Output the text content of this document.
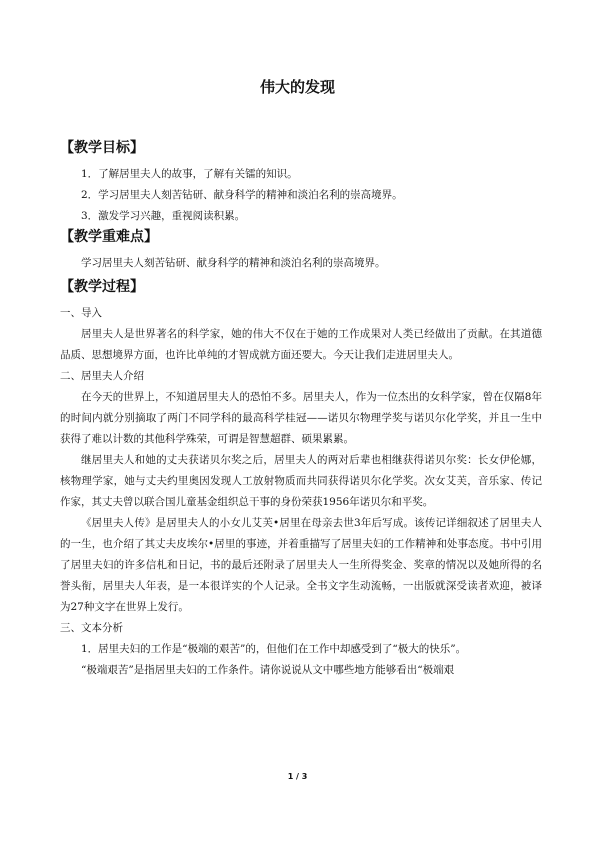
伟大的发现

【教学目标】

1．了解居里夫人的故事，了解有关镭的知识。

2．学习居里夫人刻苦钻研、献身科学的精神和淡泊名利的崇高境界。

3．激发学习兴趣，重视阅读积累。

【教学重难点】

学习居里夫人刻苦钻研、献身科学的精神和淡泊名利的崇高境界。

【教学过程】

一、导入

居里夫人是世界著名的科学家，她的伟大不仅在于她的工作成果对人类已经做出了贡献。在其道德品质、思想境界方面，也许比单纯的才智成就方面还要大。今天让我们走进居里夫人。

二、居里夫人介绍

在今天的世界上，不知道居里夫人的恐怕不多。居里夫人，作为一位杰出的女科学家，曾在仅隔8年的时间内就分别摘取了两门不同学科的最高科学桂冠——诺贝尔物理学奖与诺贝尔化学奖，并且一生中获得了难以计数的其他科学殊荣，可谓是智慧超群、硕果累累。

继居里夫人和她的丈夫获诺贝尔奖之后，居里夫人的两对后辈也相继获得诺贝尔奖：长女伊伦娜，核物理学家，她与丈夫约里奥因发现人工放射物质而共同获得诺贝尔化学奖。次女艾芙，音乐家、传记作家，其丈夫曾以联合国儿童基金组织总干事的身份荣获1956年诺贝尔和平奖。

《居里夫人传》是居里夫人的小女儿艾芙•居里在母亲去世3年后写成。该传记详细叙述了居里夫人的一生，也介绍了其丈夫皮埃尔•居里的事迹，并着重描写了居里夫妇的工作精神和处事态度。书中引用了居里夫妇的许多信札和日记，书的最后还附录了居里夫人一生所得奖金、奖章的情况以及她所得的名誉头衔，居里夫人年表，是一本很详实的个人记录。全书文字生动流畅，一出版就深受读者欢迎，被译为27种文字在世界上发行。

三、文本分析

1．居里夫妇的工作是“极端的艰苦”的，但他们在工作中却感受到了“极大的快乐”。

“极端艰苦”是指居里夫妇的工作条件。请你说说从文中哪些地方能够看出“极端艰

1 / 3
